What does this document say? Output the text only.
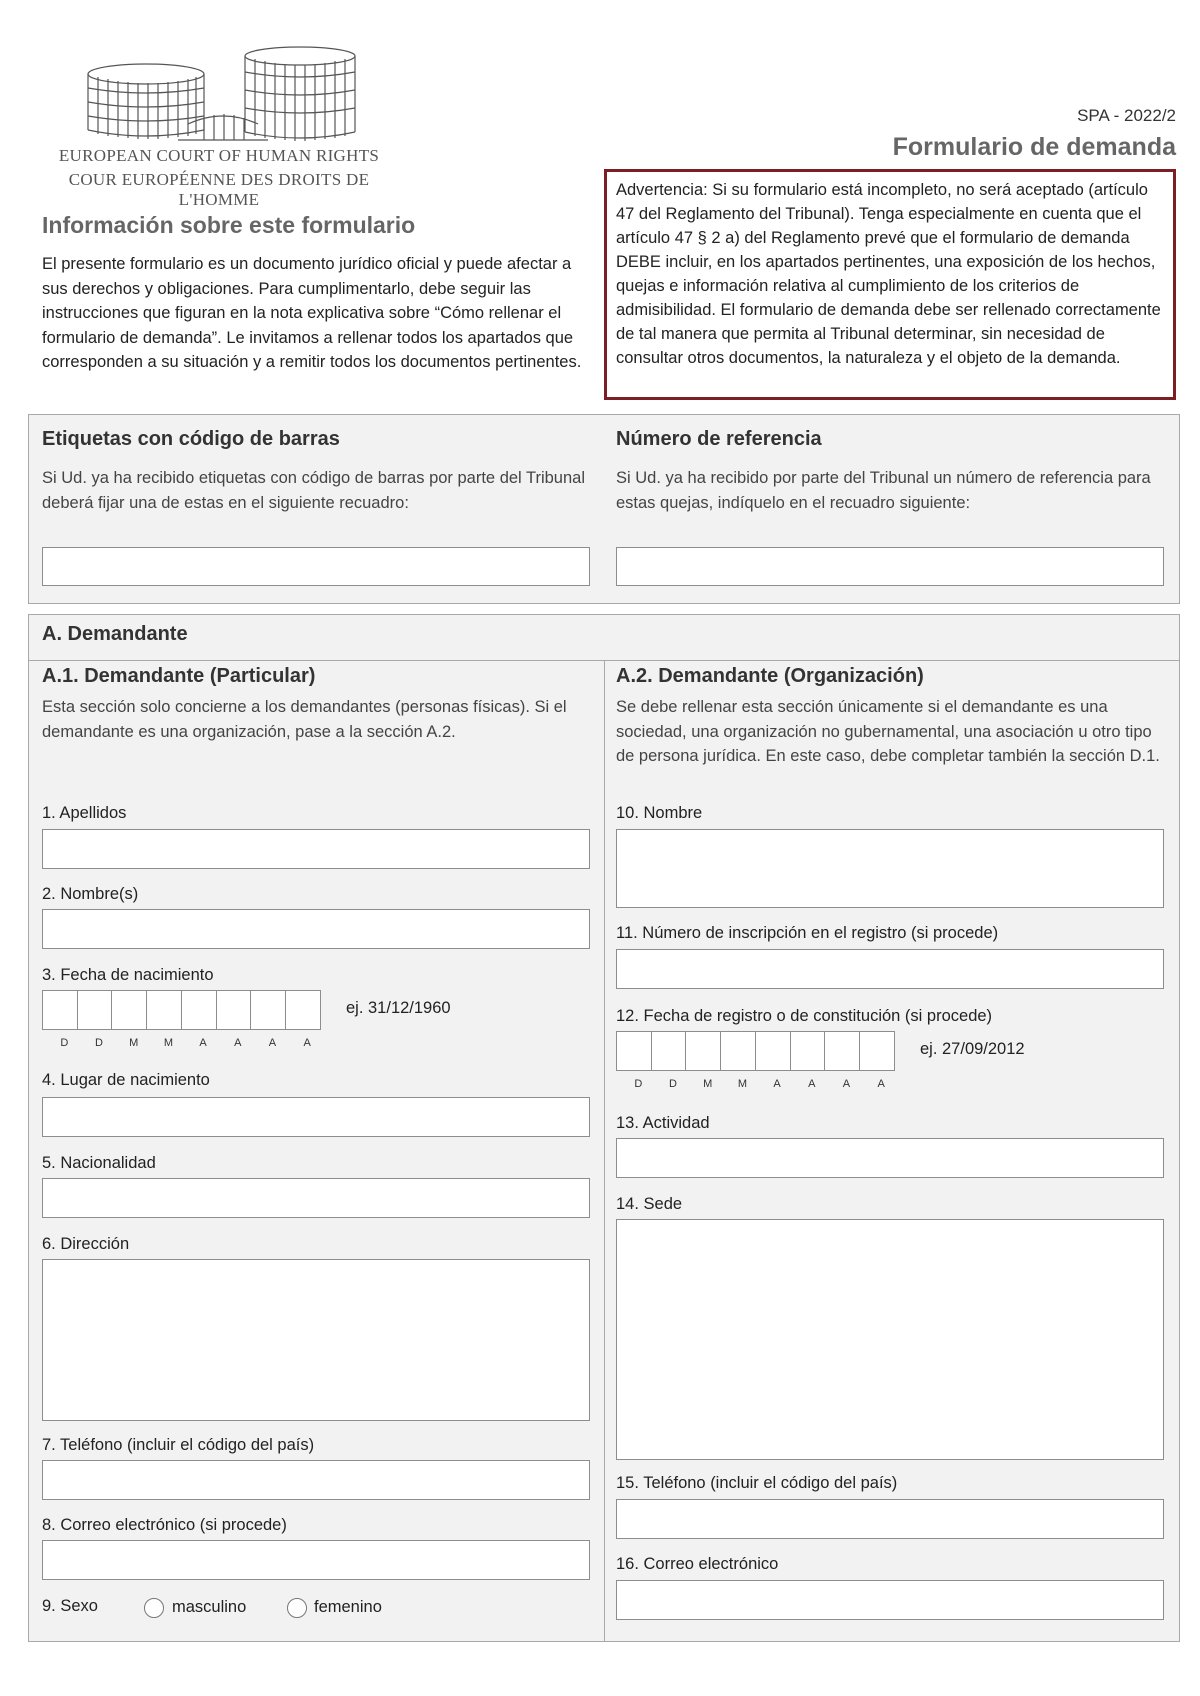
EUROPEAN COURT OF HUMAN RIGHTS
COUR EUROPÉENNE DES DROITS DE L'HOMME
SPA - 2022/2
Formulario de demanda
Información sobre este formulario
El presente formulario es un documento jurídico oficial y puede afectar a sus derechos y obligaciones. Para cumplimentarlo, debe seguir las instrucciones que figuran en la nota explicativa sobre “Cómo rellenar el formulario de demanda”. Le invitamos a rellenar todos los apartados que corresponden a su situación y a remitir todos los documentos pertinentes.
Advertencia: Si su formulario está incompleto, no será aceptado (artículo 47 del Reglamento del Tribunal). Tenga especialmente en cuenta que el artículo 47 § 2 a) del Reglamento prevé que el formulario de demanda DEBE incluir, en los apartados pertinentes, una exposición de los hechos, quejas e información relativa al cumplimiento de los criterios de admisibilidad. El formulario de demanda debe ser rellenado correctamente de tal manera que permita al Tribunal determinar, sin necesidad de consultar otros documentos, la naturaleza y el objeto de la demanda.
Etiquetas con código de barras
Si Ud. ya ha recibido etiquetas con código de barras por parte del Tribunal deberá fijar una de estas en el siguiente recuadro:
Número de referencia
Si Ud. ya ha recibido por parte del Tribunal un número de referencia para estas quejas, indíquelo en el recuadro siguiente:
A. Demandante
A.1. Demandante (Particular)
Esta sección solo concierne a los demandantes (personas físicas). Si el demandante es una organización, pase a la sección A.2.
1. Apellidos
2. Nombre(s)
3. Fecha de nacimiento
ej. 31/12/1960
D	D	M	M	A	A	A	A
4. Lugar de nacimiento
5. Nacionalidad
6. Dirección
7. Teléfono (incluir el código del país)
8. Correo electrónico (si procede)
9. Sexo	masculino	femenino
A.2. Demandante (Organización)
Se debe rellenar esta sección únicamente si el demandante es una sociedad, una organización no gubernamental, una asociación u otro tipo de persona jurídica. En este caso, debe completar también la sección D.1.
10. Nombre
11. Número de inscripción en el registro (si procede)
12. Fecha de registro o de constitución (si procede)
ej. 27/09/2012
D	D	M	M	A	A	A	A
13. Actividad
14. Sede
15. Teléfono (incluir el código del país)
16. Correo electrónico
